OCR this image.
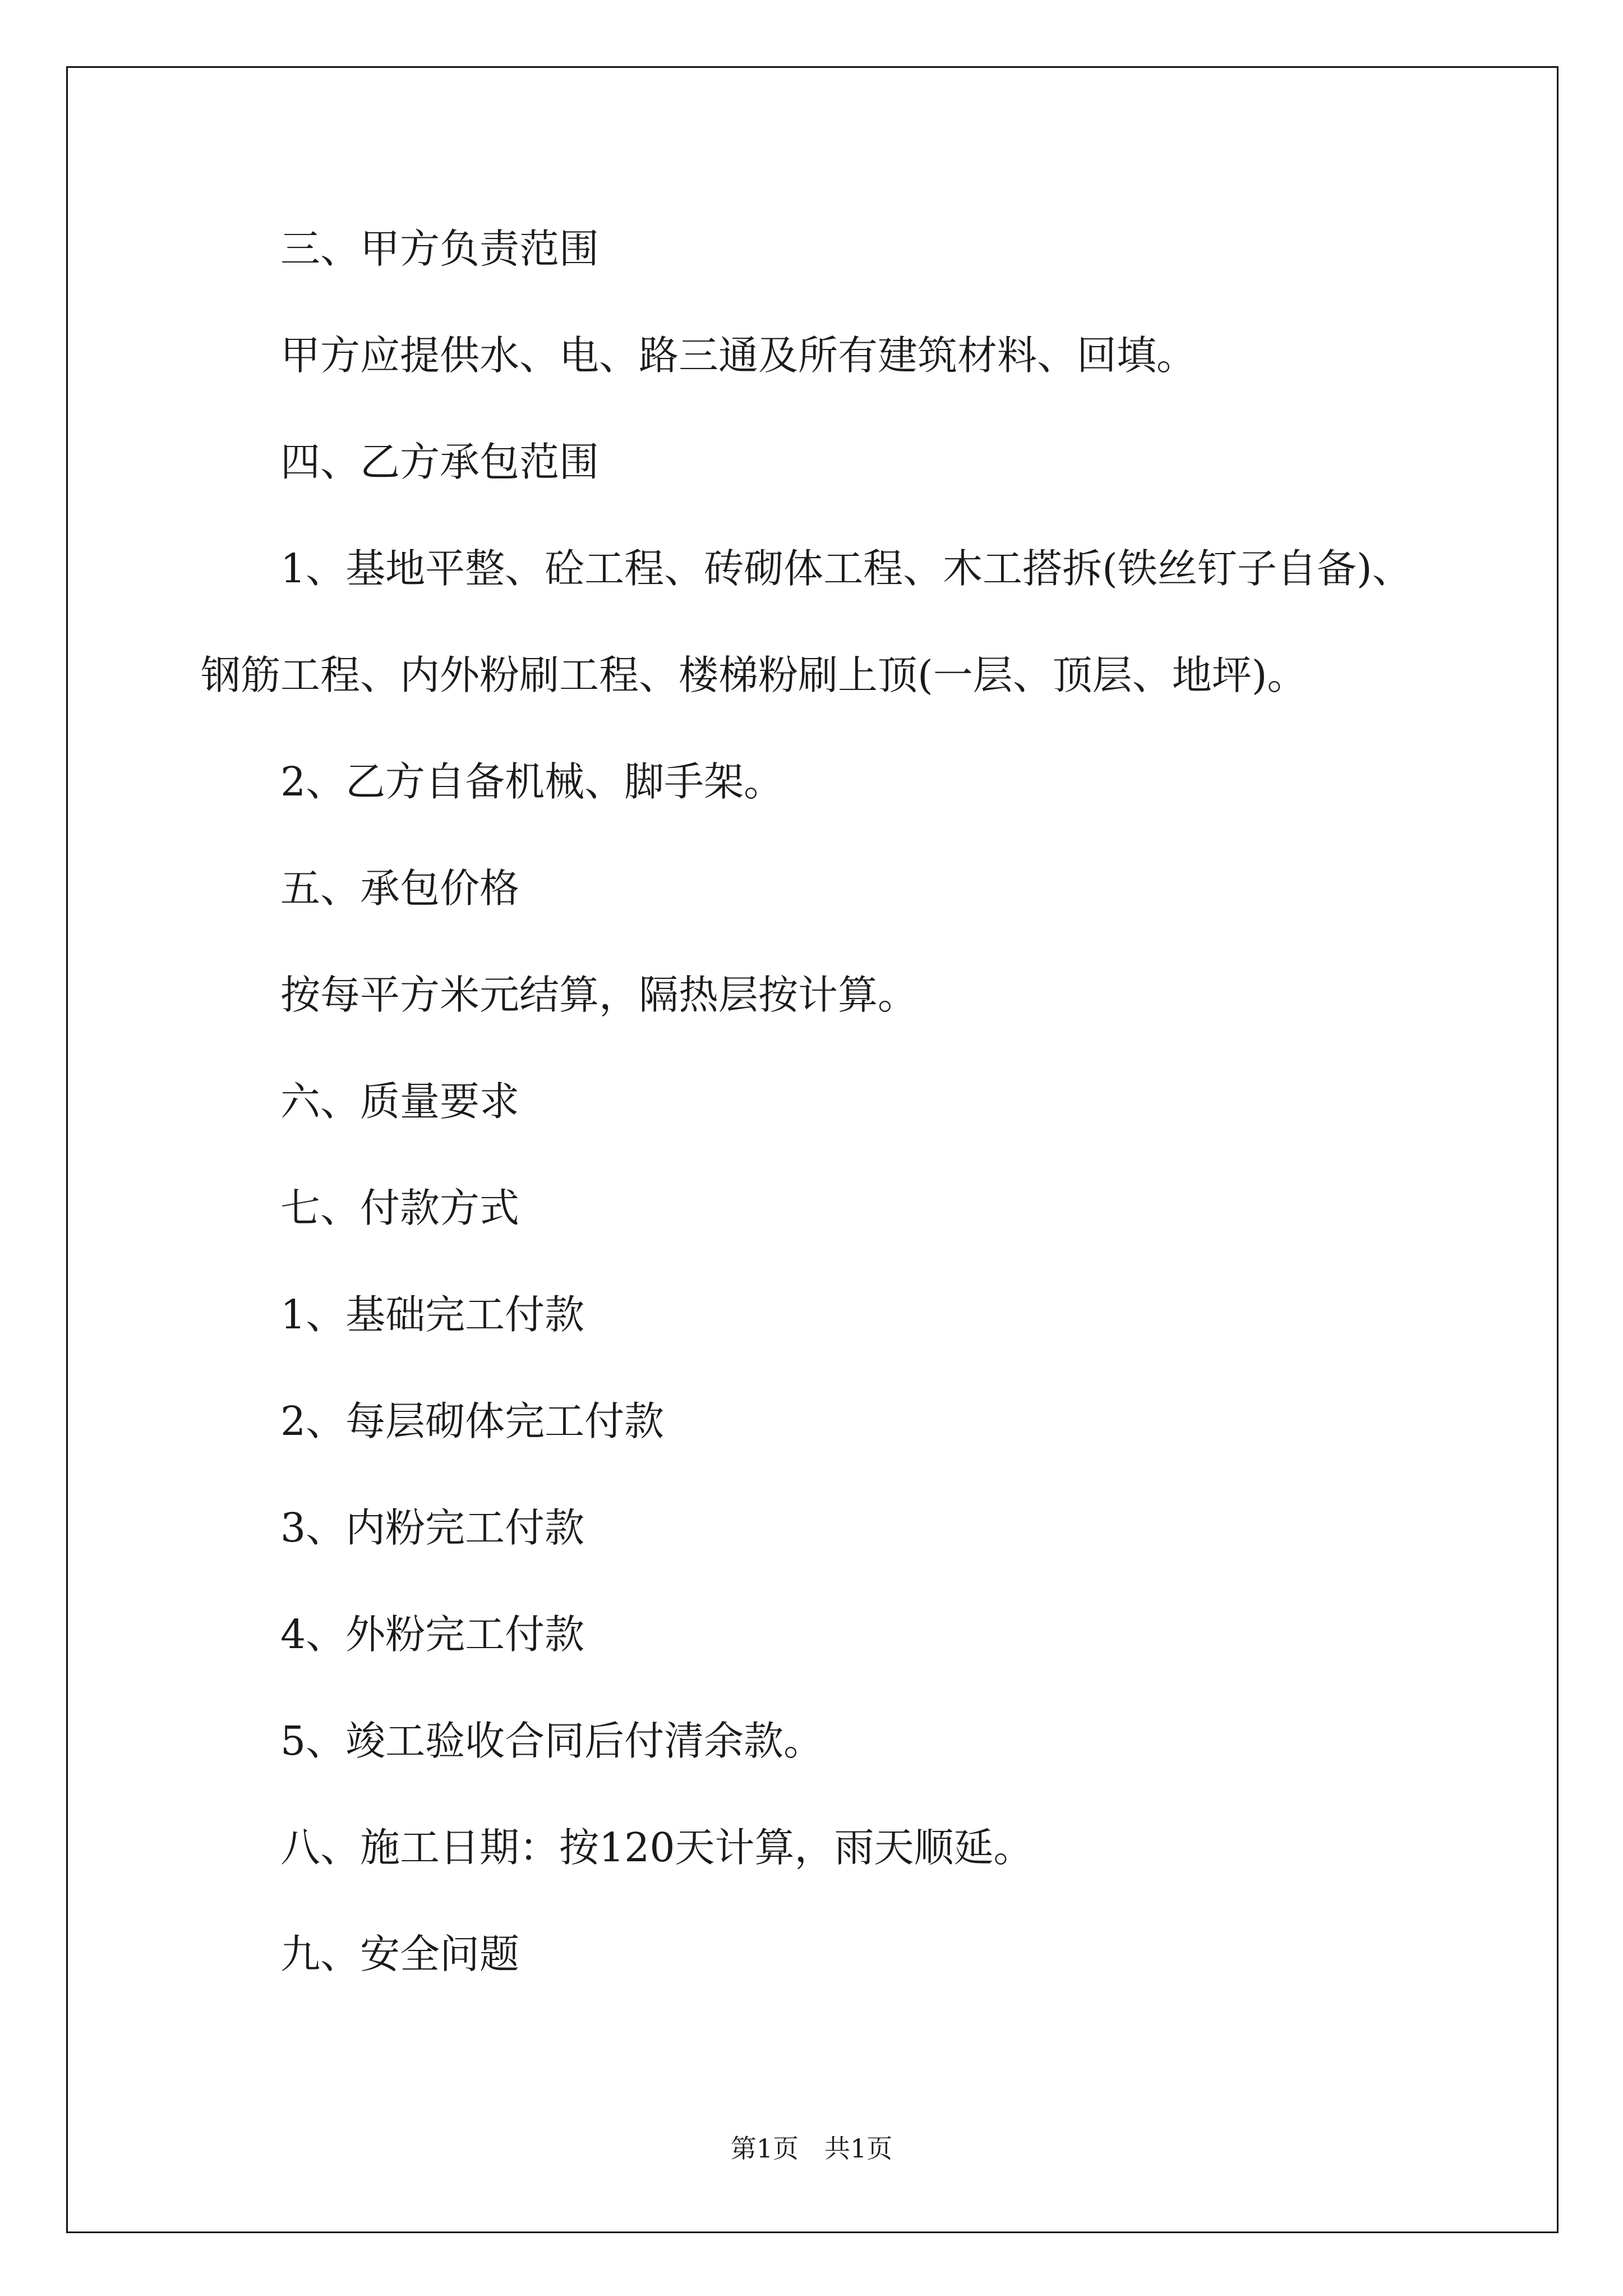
三、甲方负责范围
甲方应提供水、电、路三通及所有建筑材料、回填。
四、乙方承包范围
1、基地平整、砼工程、砖砌体工程、木工搭拆(铁丝钉子自备)、
钢筋工程、内外粉刷工程、楼梯粉刷上顶(一层、顶层、地坪)。
2、乙方自备机械、脚手架。
五、承包价格
按每平方米元结算，隔热层按计算。
六、质量要求
七、付款方式
1、基础完工付款
2、每层砌体完工付款
3、内粉完工付款
4、外粉完工付款
5、竣工验收合同后付清余款。
八、施工日期：按120天计算，雨天顺延。
九、安全问题
第1页 共1页
